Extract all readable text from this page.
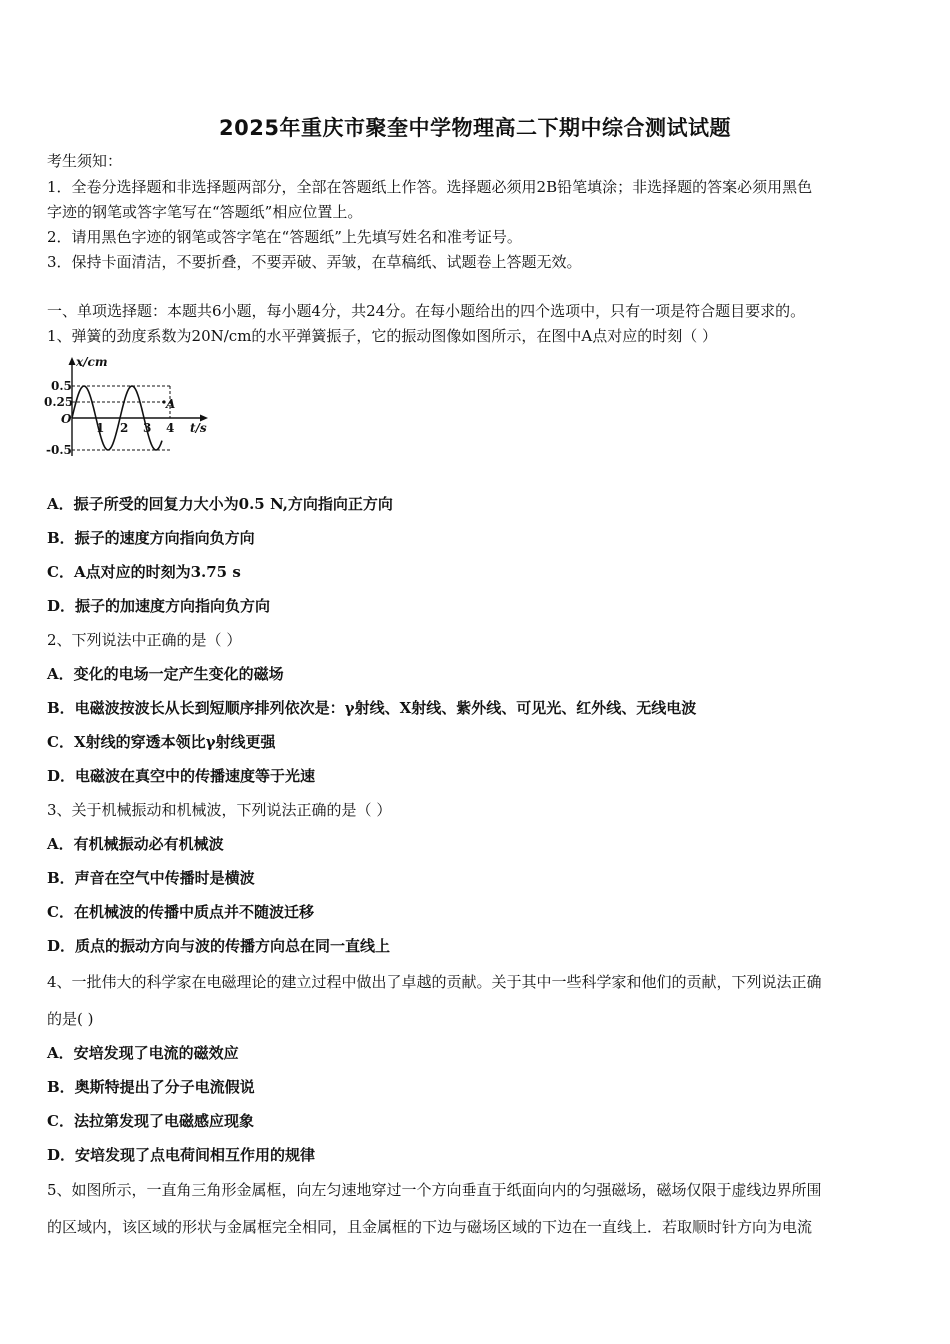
2025年重庆市聚奎中学物理高二下期中综合测试试题
考生须知：
1．全卷分选择题和非选择题两部分，全部在答题纸上作答。选择题必须用2B铅笔填涂；非选择题的答案必须用黑色
字迹的钢笔或答字笔写在“答题纸”相应位置上。
2．请用黑色字迹的钢笔或答字笔在“答题纸”上先填写姓名和准考证号。
3．保持卡面清洁，不要折叠，不要弄破、弄皱，在草稿纸、试题卷上答题无效。
一、单项选择题：本题共6小题，每小题4分，共24分。在每小题给出的四个选项中，只有一项是符合题目要求的。
1、弹簧的劲度系数为20N/cm的水平弹簧振子，它的振动图像如图所示，在图中A点对应的时刻（ ）
x/cm
t/s
0.5
0.25
-0.5
O
1 2 3 4
A
A．振子所受的回复力大小为0.5 N,方向指向正方向
B．振子的速度方向指向负方向
C．A点对应的时刻为3.75 s
D．振子的加速度方向指向负方向
2、下列说法中正确的是（ ）
A．变化的电场一定产生变化的磁场
B．电磁波按波长从长到短顺序排列依次是：γ射线、X射线、紫外线、可见光、红外线、无线电波
C．X射线的穿透本领比γ射线更强
D．电磁波在真空中的传播速度等于光速
3、关于机械振动和机械波，下列说法正确的是（ ）
A．有机械振动必有机械波
B．声音在空气中传播时是横波
C．在机械波的传播中质点并不随波迁移
D．质点的振动方向与波的传播方向总在同一直线上
4、一批伟大的科学家在电磁理论的建立过程中做出了卓越的贡献。关于其中一些科学家和他们的贡献，下列说法正确
的是( )
A．安培发现了电流的磁效应
B．奥斯特提出了分子电流假说
C．法拉第发现了电磁感应现象
D．安培发现了点电荷间相互作用的规律
5、如图所示，一直角三角形金属框，向左匀速地穿过一个方向垂直于纸面向内的匀强磁场，磁场仅限于虚线边界所围
的区域内，该区域的形状与金属框完全相同，且金属框的下边与磁场区域的下边在一直线上．若取顺时针方向为电流
